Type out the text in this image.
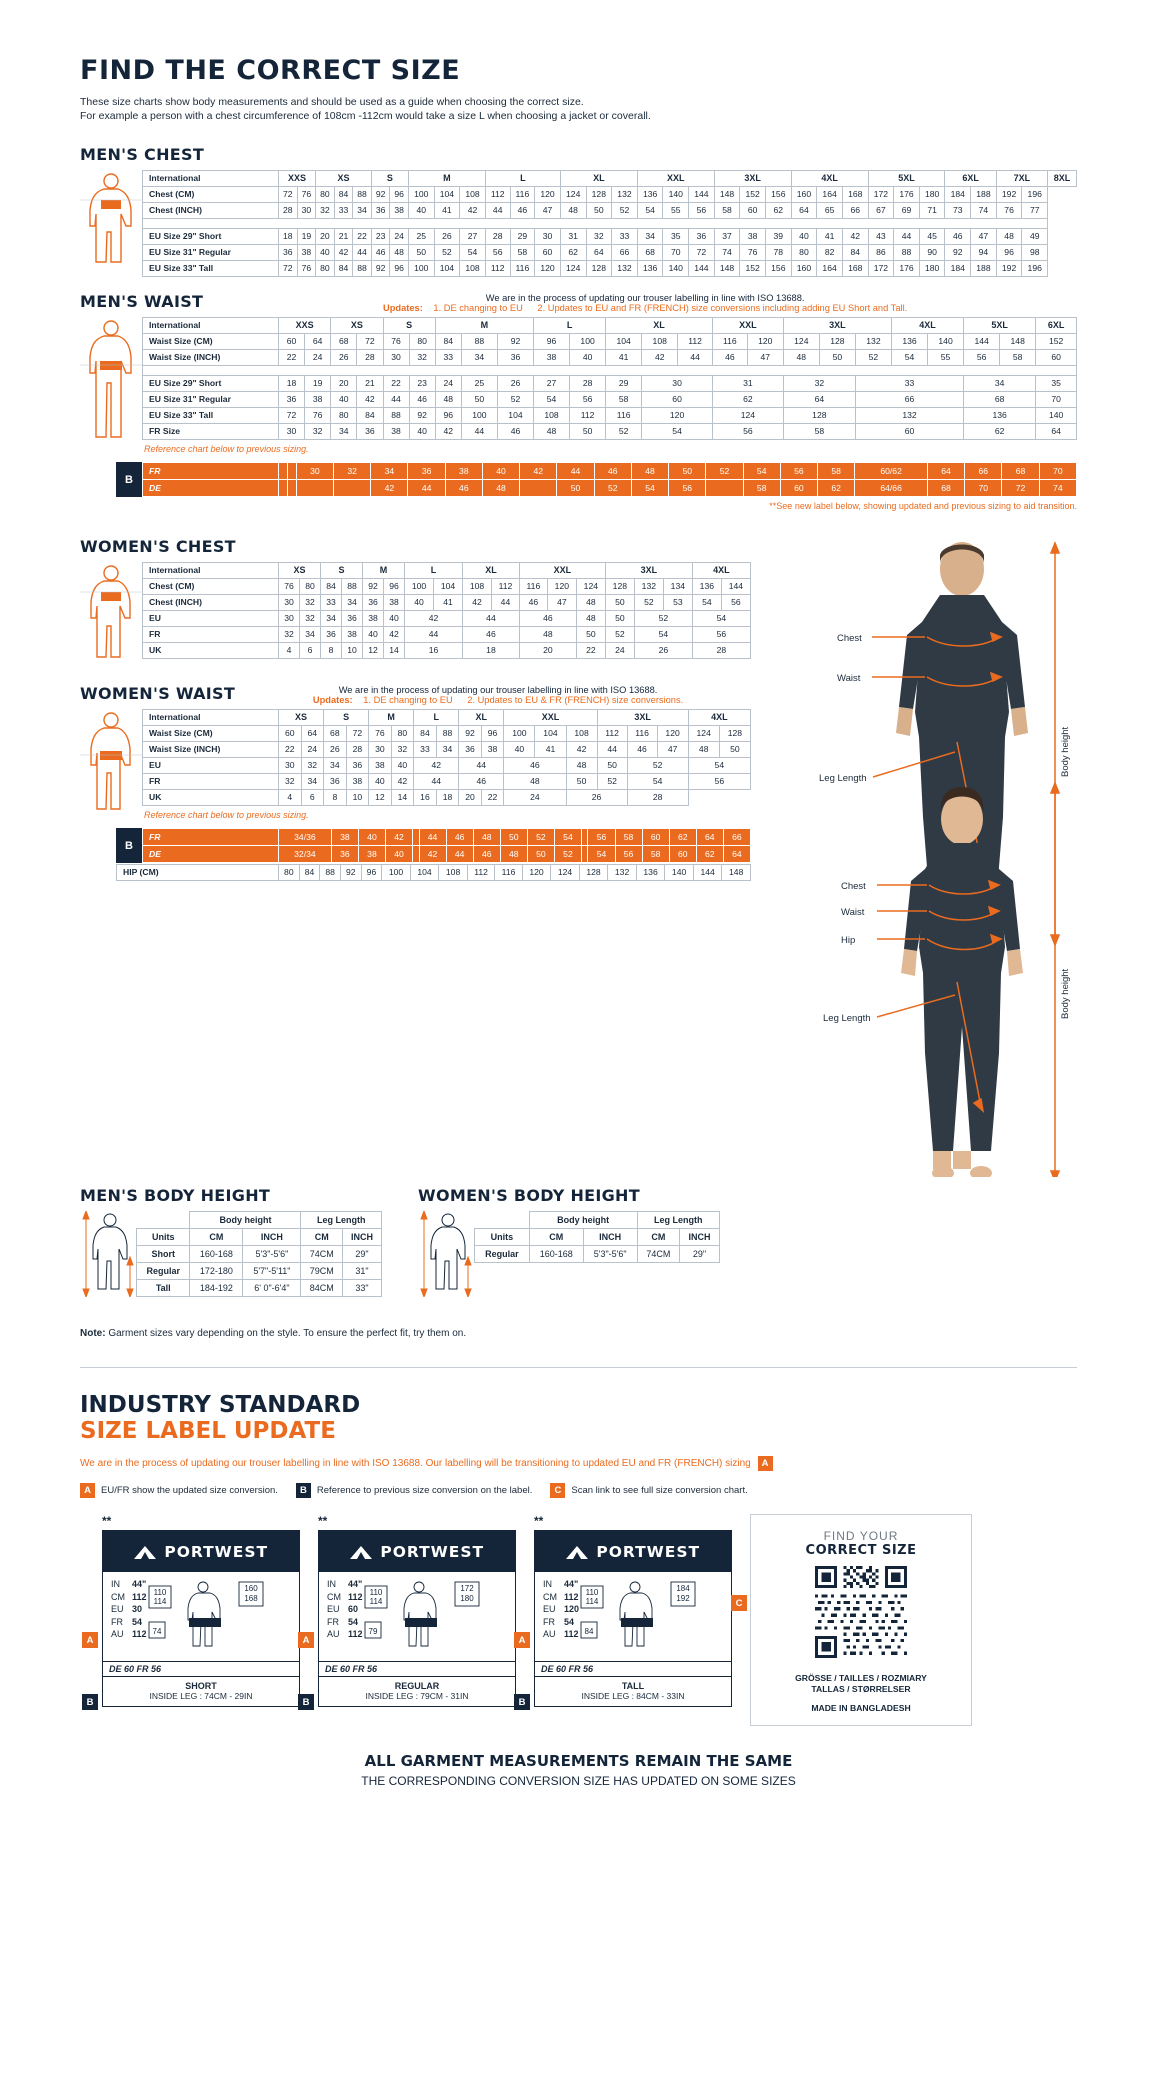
FIND THE CORRECT SIZE
These size charts show body measurements and should be used as a guide when choosing the correct size.
For example a person with a chest circumference of 108cm -112cm would take a size L when choosing a jacket or coverall.
MEN'S CHEST
International	XXS		XS			S		M			L			XL			XXL			3XL			4XL			5XL			6XL		7XL		8XL
Chest (CM)	72	76	80	84	88	92	96	100	104	108	112	116	120	124	128	132	136	140	144	148	152	156	160	164	168	172	176	180	184	188	192	196	
Chest (INCH)	28	30	32	33	34	36	38	40	41	42	44	46	47	48	50	52	54	55	56	58	60	62	64	65	66	67	69	71	73	74	76	77	

EU Size 29" Short	18	19	20	21	22	23	24	25	26	27	28	29	30	31	32	33	34	35	36	37	38	39	40	41	42	43	44	45	46	47	48	49	
EU Size 31" Regular	36	38	40	42	44	46	48	50	52	54	56	58	60	62	64	66	68	70	72	74	76	78	80	82	84	86	88	90	92	94	96	98	
EU Size 33" Tall	72	76	80	84	88	92	96	100	104	108	112	116	120	124	128	132	136	140	144	148	152	156	160	164	168	172	176	180	184	188	192	196	
MEN'S WAIST	We are in the process of updating our trouser labelling in line with ISO 13688.
Updates: 1. DE changing to EU 2. Updates to EU and FR (FRENCH) size conversions including adding EU Short and Tall.
International	XXS		XS		S		M			L		XL			XXL		3XL			4XL		5XL		6XL
Waist Size (CM)	60	64	68	72	76	80	84	88	92	96	100	104	108	112	116	120	124	128	132	136	140	144	148	152
Waist Size (INCH)	22	24	26	28	30	32	33	34	36	38	40	41	42	44	46	47	48	50	52	54	55	56	58	60

EU Size 29" Short	18	19	20	21	22	23	24	25	26	27	28	29	30		31		32		33			34		35
EU Size 31" Regular	36	38	40	42	44	46	48	50	52	54	56	58	60		62		64		66			68		70
EU Size 33" Tall	72	76	80	84	88	92	96	100	104	108	112	116	120		124		128		132			136		140
FR Size	30	32	34	36	38	40	42	44	46	48	50	52	54		56		58		60			62		64
Reference chart below to previous sizing.
B
FR			30	32	34	36	38	40	42	44	46	48	50	52	54	56	58	60/62	64	66	68	70
DE					42	44	46	48		50	52	54	56		58	60	62	64/66	68	70	72	74
**See new label below, showing updated and previous sizing to aid transition.
WOMEN'S CHEST
International	XS		S		M		L		XL		XXL			3XL			4XL	
Chest (CM)	76	80	84	88	92	96	100	104	108	112	116	120	124	128	132	134	136	144
Chest (INCH)	30	32	33	34	36	38	40	41	42	44	46	47	48	50	52	53	54	56
EU	30	32	34	36	38	40	42		44		46		48	50	52		54	
FR	32	34	36	38	40	42	44		46		48		50	52	54		56	
UK	4	6	8	10	12	14	16		18		20		22	24	26		28	
WOMEN'S WAIST	We are in the process of updating our trouser labelling in line with ISO 13688.
Updates: 1. DE changing to EU 2. Updates to EU & FR (FRENCH) size conversions.
International	XS		S		M		L		XL		XXL			3XL			4XL	
Waist Size (CM)	60	64	68	72	76	80	84	88	92	96	100	104	108	112	116	120	124	128
Waist Size (INCH)	22	24	26	28	30	32	33	34	36	38	40	41	42	44	46	47	48	50
EU	30	32	34	36	38	40	42		44		46		48	50	52		54	
FR	32	34	36	38	40	42	44		46		48		50	52	54		56	
UK	4	6	8	10	12	14	16	18	20	22	24		26		28			
Reference chart below to previous sizing.
B
FR	34/36	38	40	42		44	46	48	50	52	54		56	58	60	62	64	66
DE	32/34	36	38	40		42	44	46	48	50	52		54	56	58	60	62	64
HIP (CM)	80	84	88	92	96	100	104	108	112	116	120	124	128	132	136	140	144	148
Chest
Waist
Leg Length
Body height
Chest
Waist
Hip
Leg Length	Body height
MEN'S BODY HEIGHT
	Body height		Leg Length	
Units	CM	INCH	CM	INCH
Short	160-168	5'3"-5'6"	74CM	29"
Regular	172-180	5'7"-5'11"	79CM	31"
Tall	184-192	6' 0"-6'4"	84CM	33"
WOMEN'S BODY HEIGHT
	Body height		Leg Length	
Units	CM	INCH	CM	INCH
Regular	160-168	5'3"-5'6"	74CM	29"
Note: Garment sizes vary depending on the style. To ensure the perfect fit, try them on.
INDUSTRY STANDARD
SIZE LABEL UPDATE
We are in the process of updating our trouser labelling in line with ISO 13688. Our labelling will be transitioning to updated EU and FR (FRENCH) sizing A
A	EU/FR show the updated size conversion.	B	Reference to previous size conversion on the label.	C	Scan link to see full size conversion chart.
**
PORTWEST
IN	44"
CM 112
EU 30
FR	54
AU 112
110
114
74
160
168
DE 60 FR 56
SHORT
INSIDE LEG : 74CM - 29IN
A
B
**
PORTWEST
IN	44"
CM 112
EU 60
FR	54
AU 112
110
114
79
172
180
DE 60 FR 56
REGULAR
INSIDE LEG : 79CM - 31IN
A
B
**
PORTWEST
IN	44"
CM 112
EU 120
FR	54
AU 112
110
114
84
184
192
DE 60 FR 56
TALL
INSIDE LEG : 84CM - 33IN
A
B
C
FIND YOUR
CORRECT SIZE
GRÖSSE / TAILLES / ROZMIARY
TALLAS / STØRRELSER
MADE IN BANGLADESH
ALL GARMENT MEASUREMENTS REMAIN THE SAME
THE CORRESPONDING CONVERSION SIZE HAS UPDATED ON SOME SIZES
